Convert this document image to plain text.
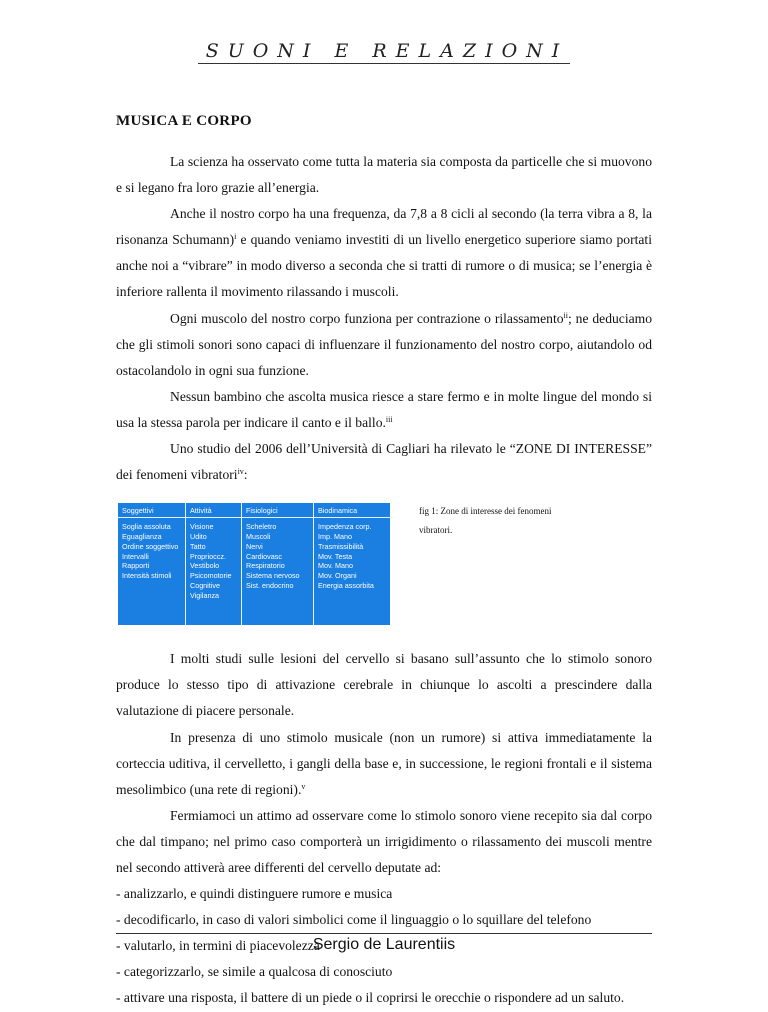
SUONI E RELAZIONI
MUSICA E CORPO

La scienza ha osservato come tutta la materia sia composta da particelle che si muovono e si legano fra loro grazie all’energia.

Anche il nostro corpo ha una frequenza, da 7,8 a 8 cicli al secondo (la terra vibra a 8, la risonanza Schumann)$^i$ e quando veniamo investiti di un livello energetico superiore siamo portati anche noi a “vibrare” in modo diverso a seconda che si tratti di rumore o di musica; se l’energia è inferiore rallenta il movimento rilassando i muscoli.

Ogni muscolo del nostro corpo funziona per contrazione o rilassamento$^{ii}$; ne deduciamo che gli stimoli sonori sono capaci di influenzare il funzionamento del nostro corpo, aiutandolo od ostacolandolo in ogni sua funzione.

Nessun bambino che ascolta musica riesce a stare fermo e in molte lingue del mondo si usa la stessa parola per indicare il canto e il ballo.$^{iii}$

Uno studio del 2006 dell’Università di Cagliari ha rilevato le “ZONE DI INTERESSE” dei fenomeni vibratori$^{iv}$:

Soggettivi
Soglia assoluta
Eguaglianza
Ordine soggettivo
Intervalli
Rapporti
Intensità stimoli
Attività
Visione
Udito
Tatto
Proprioccz.
Vestibolo
Psicomotorie
Cognitive
Vigilanza
Fisiologici
Scheletro
Muscoli
Nervi
Cardiovasc
Respiratorio
Sistema nervoso
Sist. endocrino
Biodinamica
Impedenza corp.
Imp. Mano
Trasmissibilità
Mov. Testa
Mov. Mano
Mov. Organi
Energia assorbita
fig 1: Zone di interesse dei fenomeni vibratori.

I molti studi sulle lesioni del cervello si basano sull’assunto che lo stimolo sonoro produce lo stesso tipo di attivazione cerebrale in chiunque lo ascolti a prescindere dalla valutazione di piacere personale.

In presenza di uno stimolo musicale (non un rumore) si attiva immediatamente la corteccia uditiva, il cervelletto, i gangli della base e, in successione, le regioni frontali e il sistema mesolimbico (una rete di regioni).$^v$

Fermiamoci un attimo ad osservare come lo stimolo sonoro viene recepito sia dal corpo che dal timpano; nel primo caso comporterà un irrigidimento o rilassamento dei muscoli mentre nel secondo attiverà aree differenti del cervello deputate ad:

- analizzarlo, e quindi distinguere rumore e musica

- decodificarlo, in caso di valori simbolici come il linguaggio o lo squillare del telefono

- valutarlo, in termini di piacevolezza

- categorizzarlo, se simile a qualcosa di conosciuto

- attivare una risposta, il battere di un piede o il coprirsi le orecchie o rispondere ad un saluto.

Sergio de Laurentiis
